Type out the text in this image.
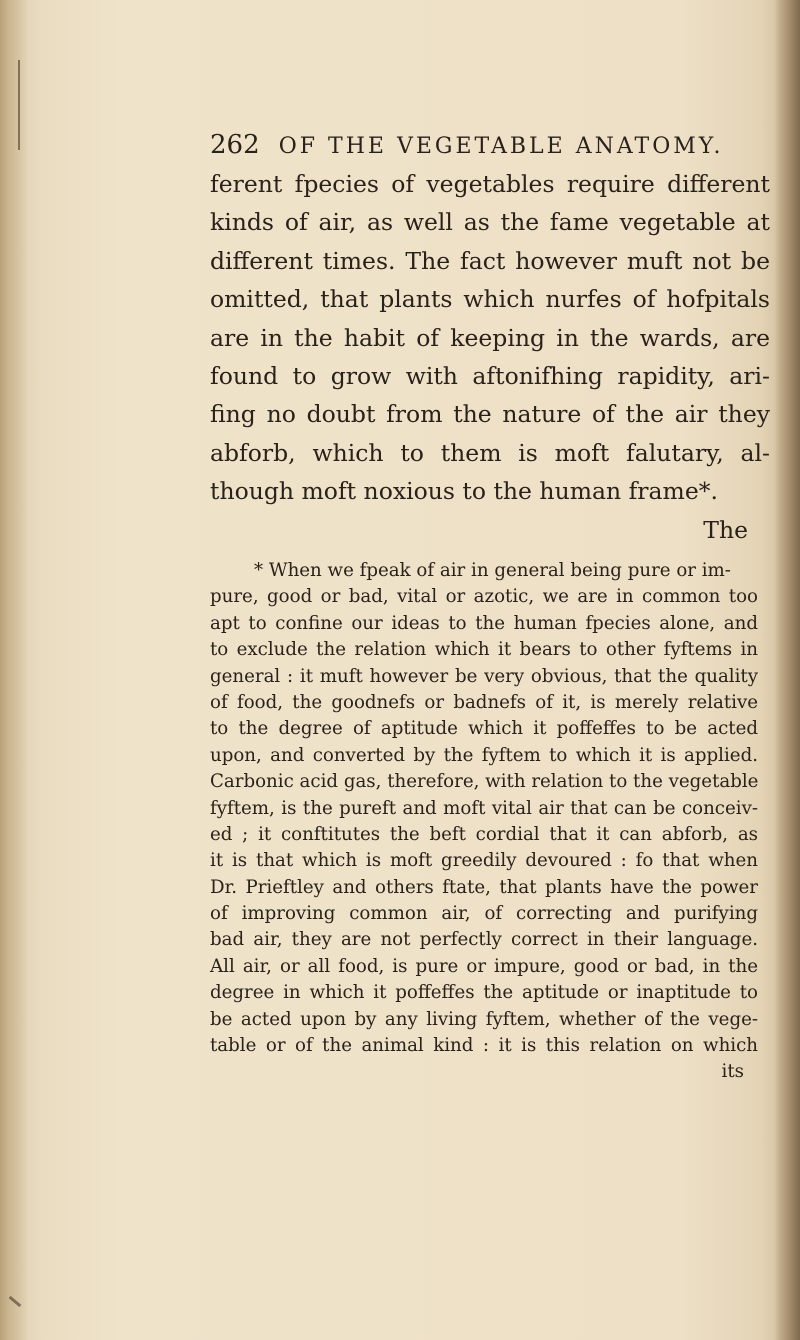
262 OF THE VEGETABLE ANATOMY.
ferent fpecies of vegetables require different
kinds of air, as well as the fame vegetable at
different times. The fact however muft not be
omitted, that plants which nurfes of hofpitals
are in the habit of keeping in the wards, are
found to grow with aftonifhing rapidity, ari-
fing no doubt from the nature of the air they
abforb, which to them is moft falutary, al-
though moft noxious to the human frame*.
The
* When we fpeak of air in general being pure or im-
pure, good or bad, vital or azotic, we are in common too
apt to confine our ideas to the human fpecies alone, and
to exclude the relation which it bears to other fyftems in
general : it muft however be very obvious, that the quality
of food, the goodnefs or badnefs of it, is merely relative
to the degree of aptitude which it poffeffes to be acted
upon, and converted by the fyftem to which it is applied.
Carbonic acid gas, therefore, with relation to the vegetable
fyftem, is the pureft and moft vital air that can be conceiv-
ed ; it conftitutes the beft cordial that it can abforb, as
it is that which is moft greedily devoured : fo that when
Dr. Prieftley and others ftate, that plants have the power
of improving common air, of correcting and purifying
bad air, they are not perfectly correct in their language.
All air, or all food, is pure or impure, good or bad, in the
degree in which it poffeffes the aptitude or inaptitude to
be acted upon by any living fyftem, whether of the vege-
table or of the animal kind : it is this relation on which
its
